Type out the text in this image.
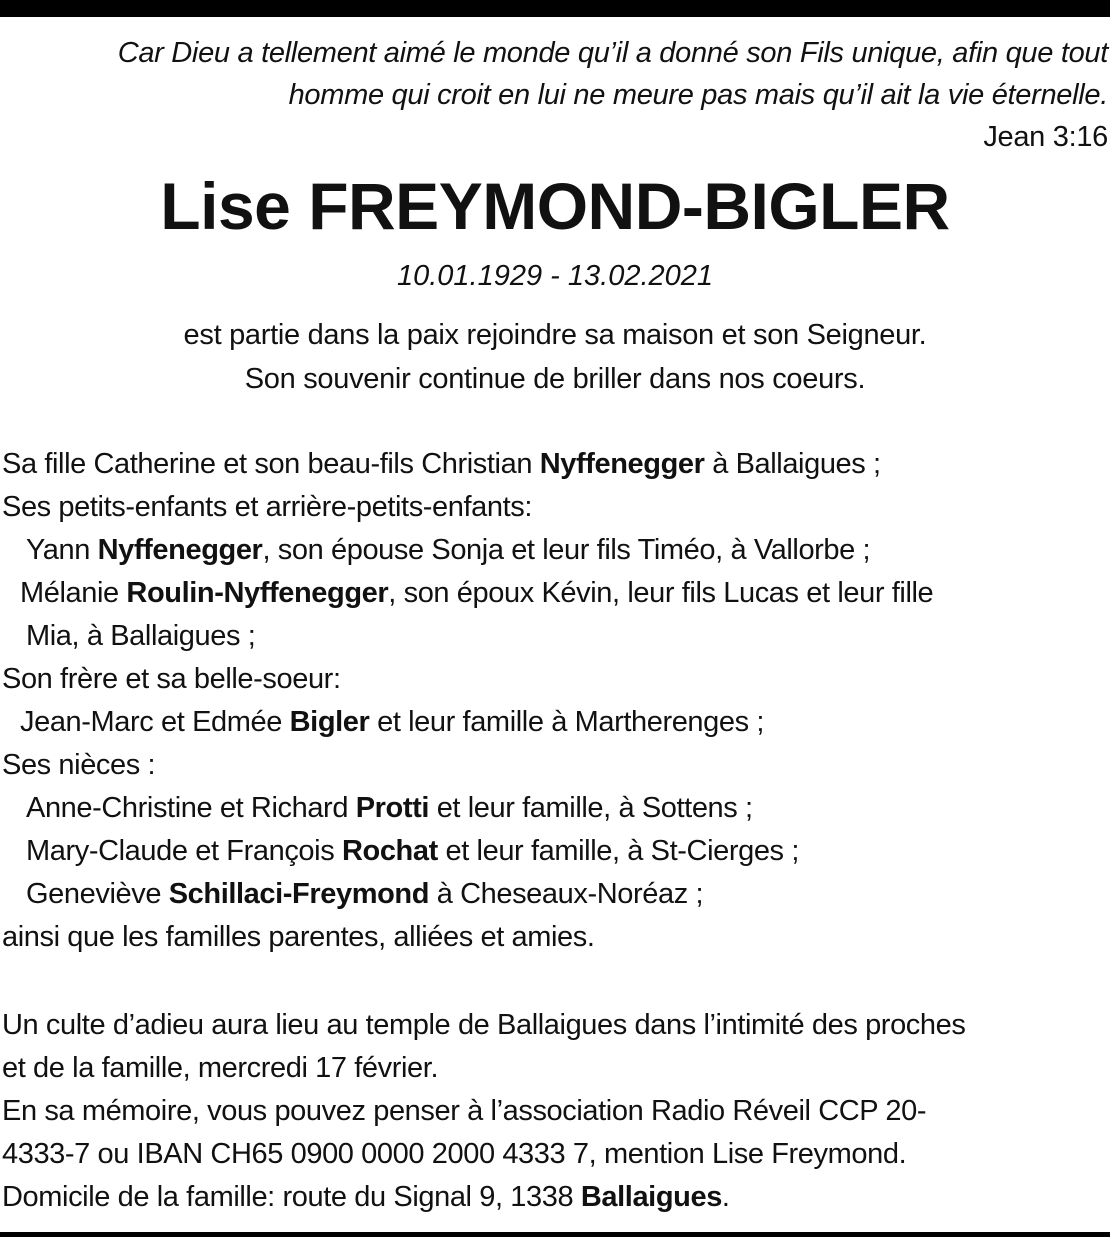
Car Dieu a tellement aimé le monde qu’il a donné son Fils unique, afin que tout
homme qui croit en lui ne meure pas mais qu’il ait la vie éternelle.
Jean 3:16
Lise FREYMOND-BIGLER
10.01.1929 - 13.02.2021
est partie dans la paix rejoindre sa maison et son Seigneur.
Son souvenir continue de briller dans nos coeurs.
Sa fille Catherine et son beau-fils Christian Nyffenegger à Ballaigues ;
Ses petits-enfants et arrière-petits-enfants:
Yann Nyffenegger, son épouse Sonja et leur fils Timéo, à Vallorbe ;
Mélanie Roulin-Nyffenegger, son époux Kévin, leur fils Lucas et leur fille
Mia, à Ballaigues ;
Son frère et sa belle-soeur:
Jean-Marc et Edmée Bigler et leur famille à Martherenges ;
Ses nièces :
Anne-Christine et Richard Protti et leur famille, à Sottens ;
Mary-Claude et François Rochat et leur famille, à St-Cierges ;
Geneviève Schillaci-Freymond à Cheseaux-Noréaz ;
ainsi que les familles parentes, alliées et amies.
Un culte d’adieu aura lieu au temple de Ballaigues dans l’intimité des proches
et de la famille, mercredi 17 février.
En sa mémoire, vous pouvez penser à l’association Radio Réveil CCP 20-
4333-7 ou IBAN CH65 0900 0000 2000 4333 7, mention Lise Freymond.
Domicile de la famille: route du Signal 9, 1338 Ballaigues.
